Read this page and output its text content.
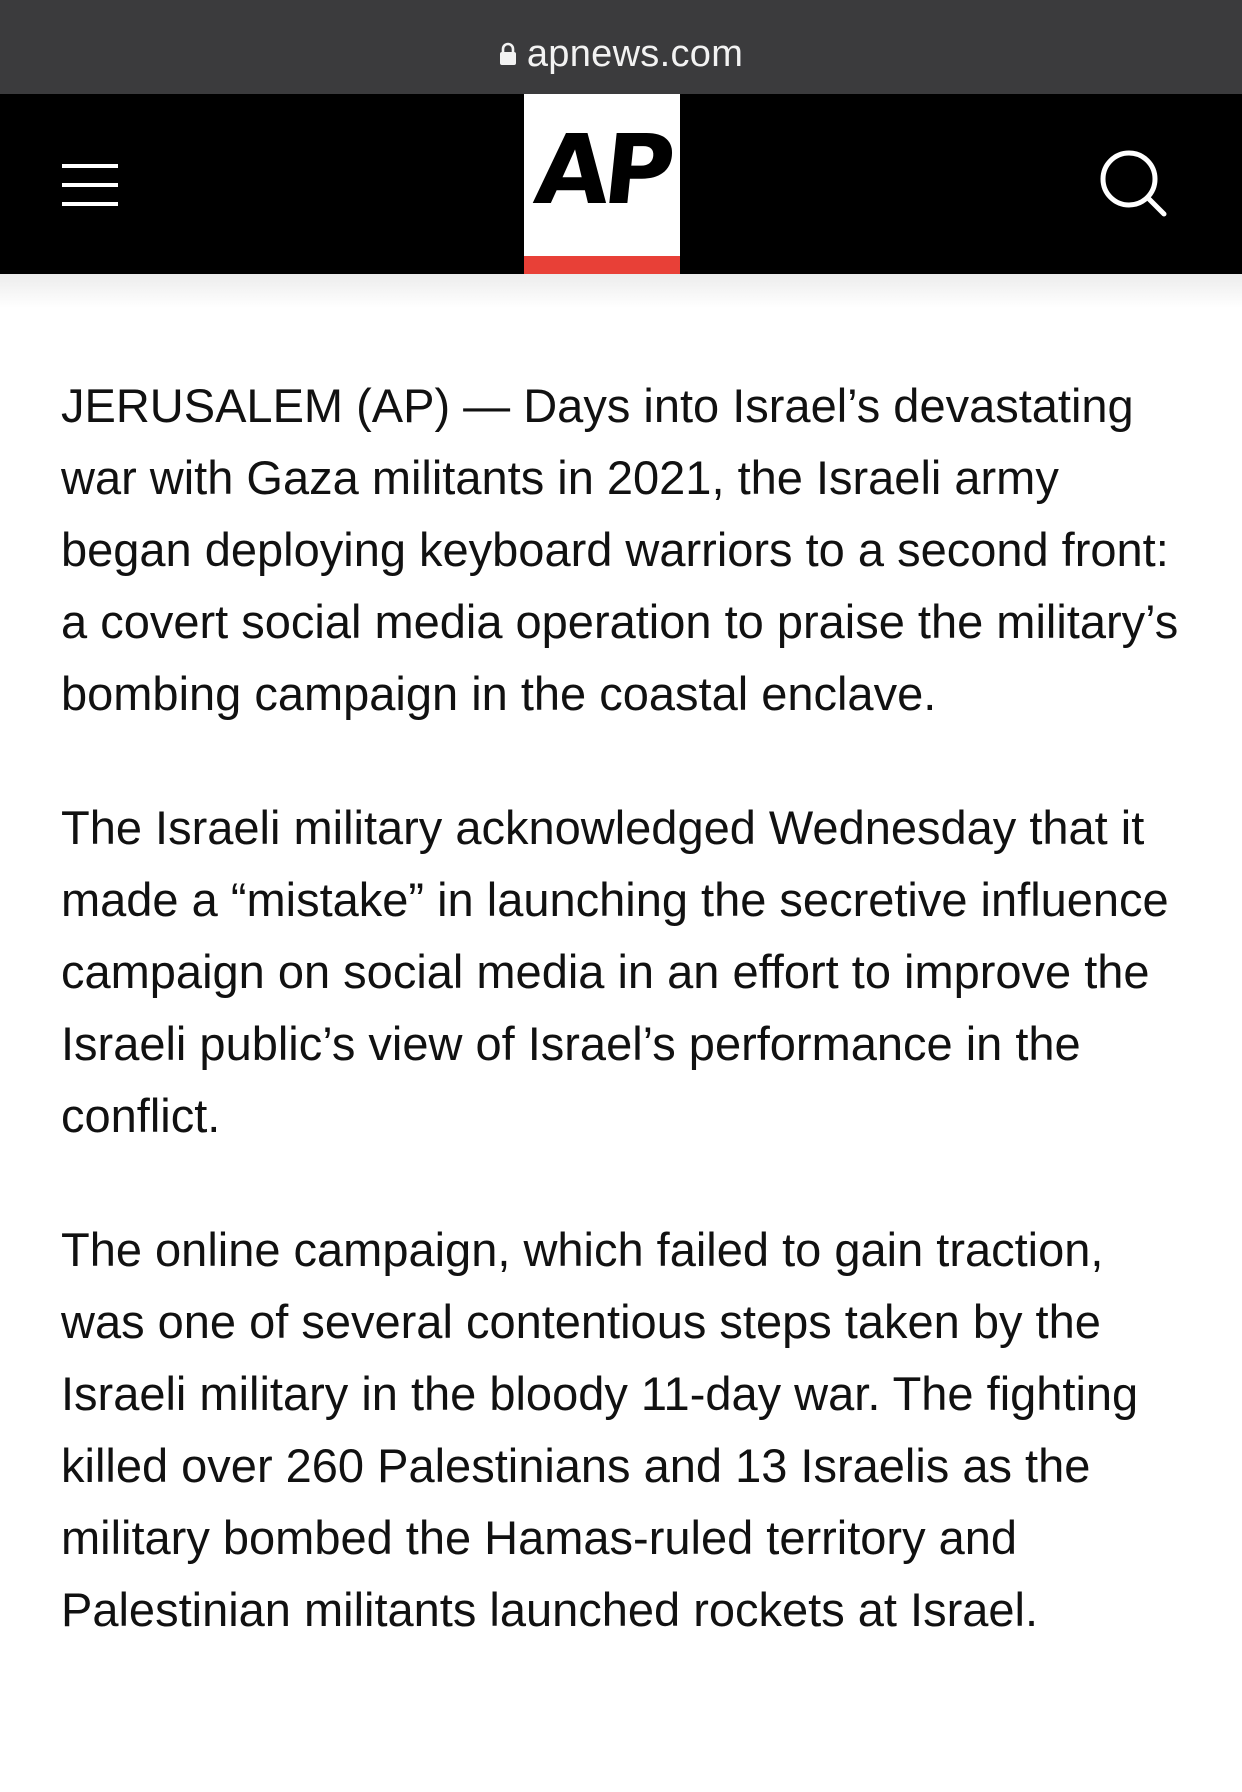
apnews.com
AP

JERUSALEM (AP) — Days into Israel’s devastating war with Gaza militants in 2021, the Israeli army began deploying keyboard warriors to a second front: a covert social media operation to praise the military’s bombing campaign in the coastal enclave.

The Israeli military acknowledged Wednesday that it made a “mistake” in launching the secretive influence campaign on social media in an effort to improve the Israeli public’s view of Israel’s performance in the conflict.

The online campaign, which failed to gain traction, was one of several contentious steps taken by the Israeli military in the bloody 11-day war. The fighting killed over 260 Palestinians and 13 Israelis as the military bombed the Hamas-ruled territory and Palestinian militants launched rockets at Israel.
